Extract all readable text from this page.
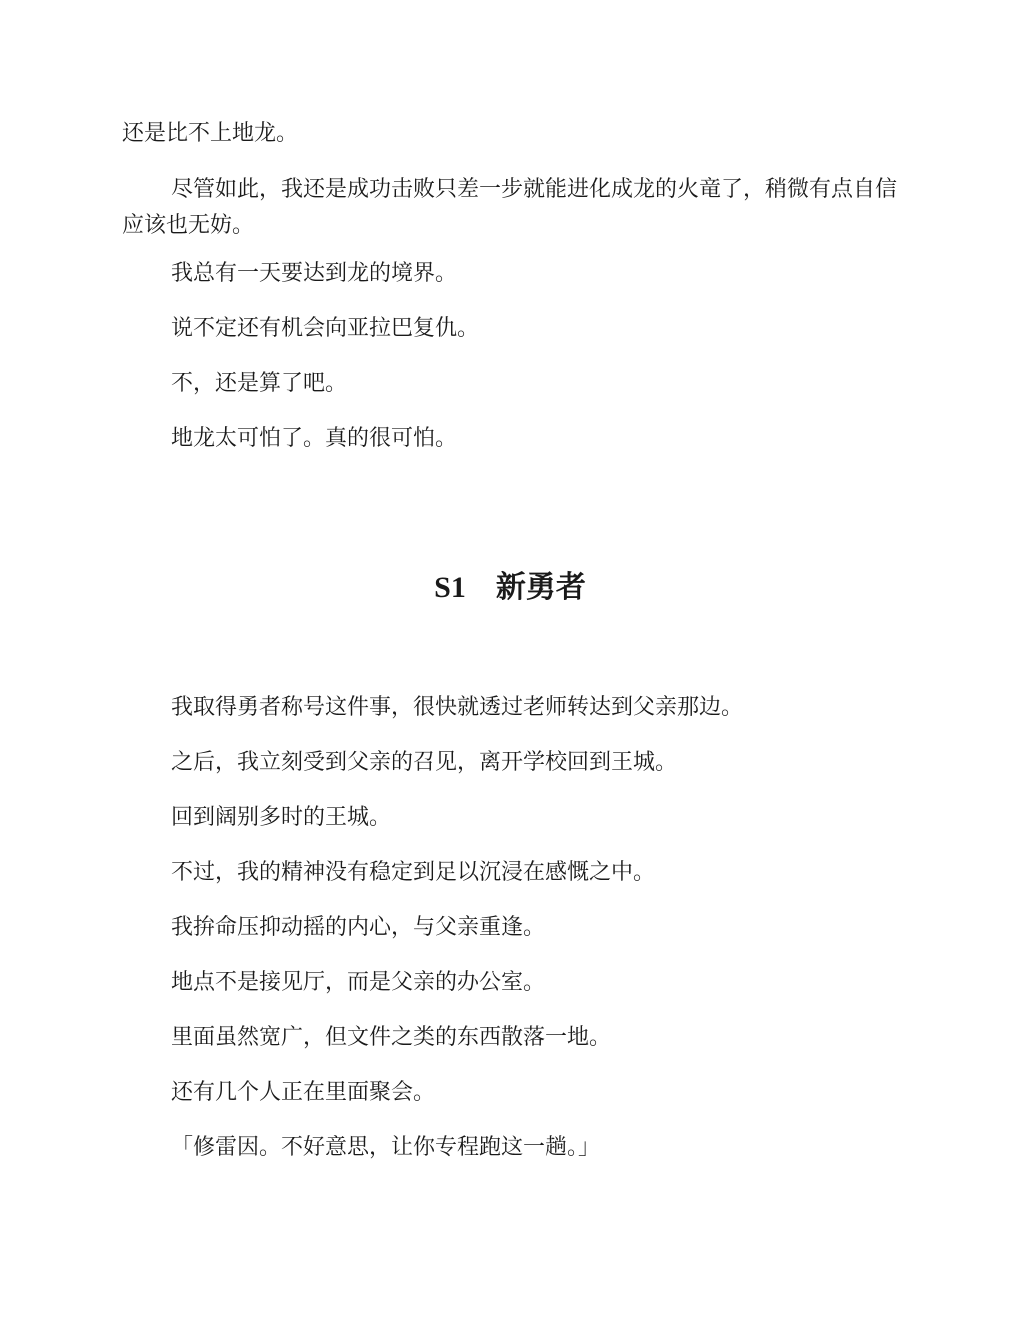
还是比不上地龙。

尽管如此，我还是成功击败只差一步就能进化成龙的火竜了，稍微有点自信应该也无妨。

我总有一天要达到龙的境界。

说不定还有机会向亚拉巴复仇。

不，还是算了吧。

地龙太可怕了。真的很可怕。

S1 新勇者

我取得勇者称号这件事，很快就透过老师转达到父亲那边。

之后，我立刻受到父亲的召见，离开学校回到王城。

回到阔别多时的王城。

不过，我的精神没有稳定到足以沉浸在感慨之中。

我拚命压抑动摇的内心，与父亲重逢。

地点不是接见厅，而是父亲的办公室。

里面虽然宽广，但文件之类的东西散落一地。

还有几个人正在里面聚会。

「修雷因。不好意思，让你专程跑这一趟。」
